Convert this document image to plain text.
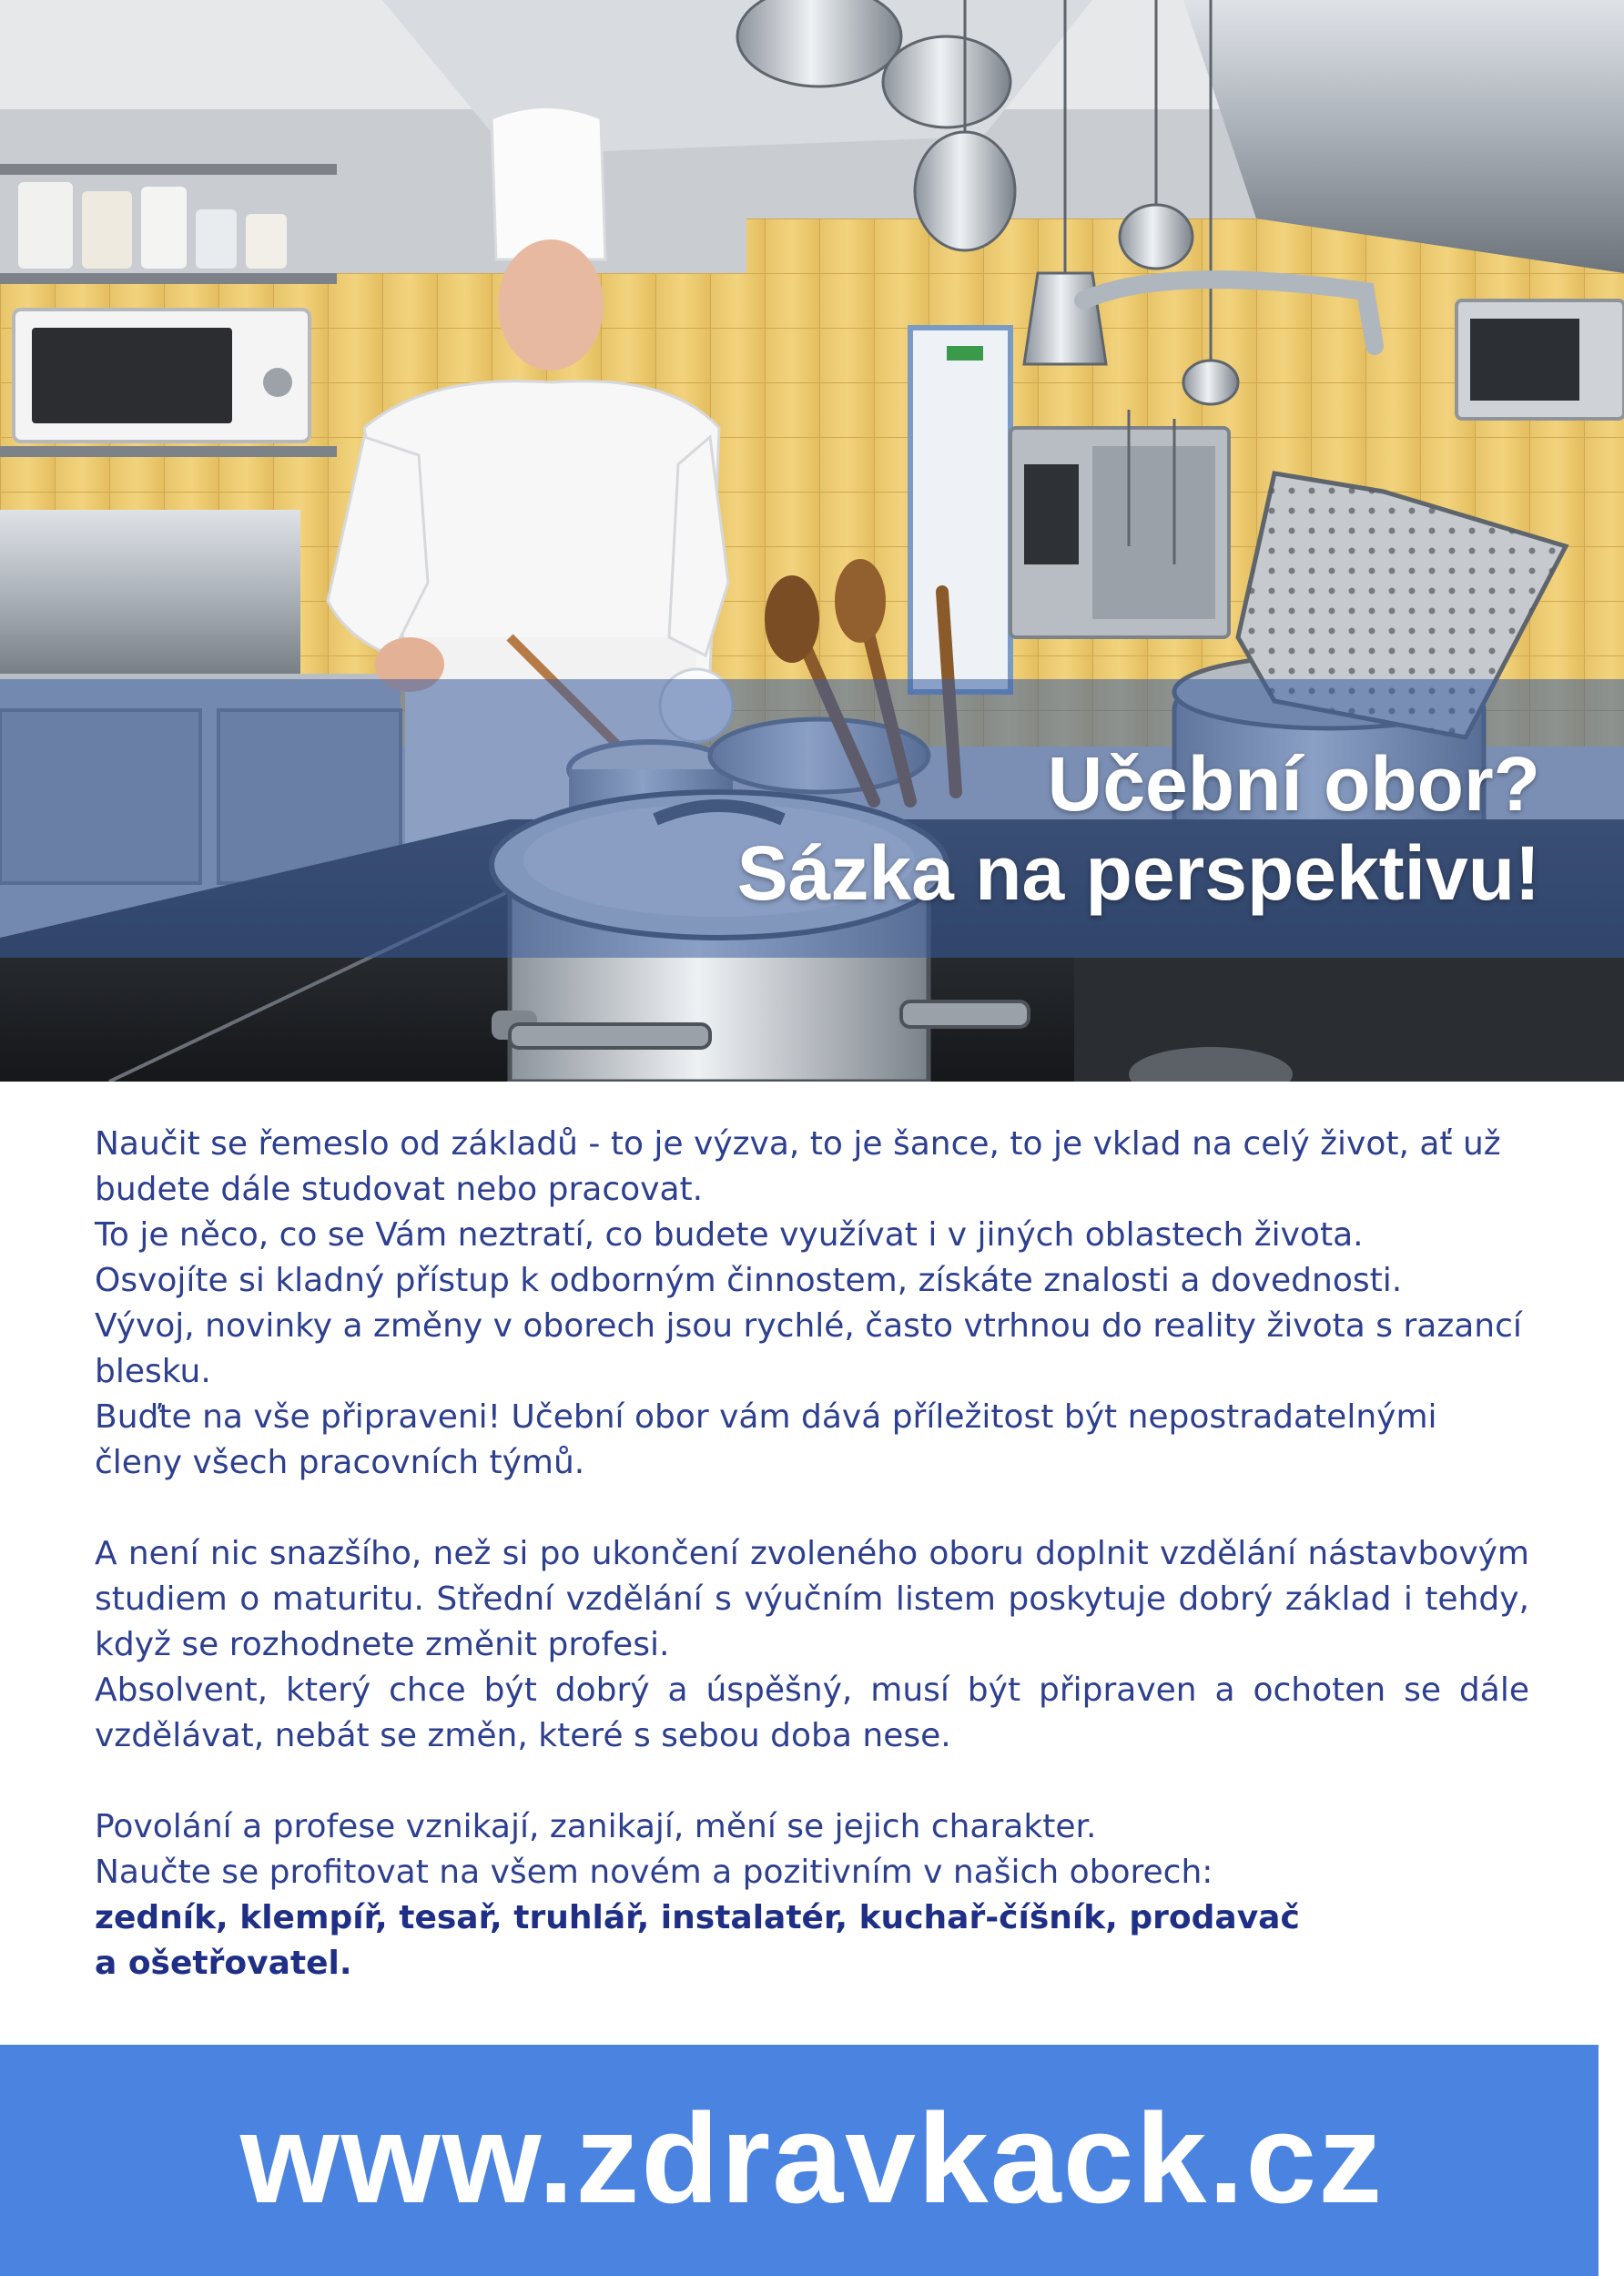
Učební obor?
Sázka na perspektivu!

Naučit se řemeslo od základů - to je výzva, to je šance, to je vklad na celý život, ať už budete dále studovat nebo pracovat.

To je něco, co se Vám neztratí, co budete využívat i v jiných oblastech života.

Osvojíte si kladný přístup k odborným činnostem, získáte znalosti a dovednosti.

Vývoj, novinky a změny v oborech jsou rychlé, často vtrhnou do reality života s razancí blesku.

Buďte na vše připraveni! Učební obor vám dává příležitost být nepostradatelnými členy všech pracovních týmů.

A není nic snazšího, než si po ukončení zvoleného oboru doplnit vzdělání nástavbovým studiem o maturitu. Střední vzdělání s výučním listem poskytuje dobrý základ i tehdy, když se rozhodnete změnit profesi.

Absolvent, který chce být dobrý a úspěšný, musí být připraven a ochoten se dále vzdělávat, nebát se změn, které s sebou doba nese.

Povolání a profese vznikají, zanikají, mění se jejich charakter.

Naučte se profitovat na všem novém a pozitivním v našich oborech:

zedník, klempíř, tesař, truhlář, instalatér, kuchař-číšník, prodavač

a ošetřovatel.

www.zdravkack.cz
